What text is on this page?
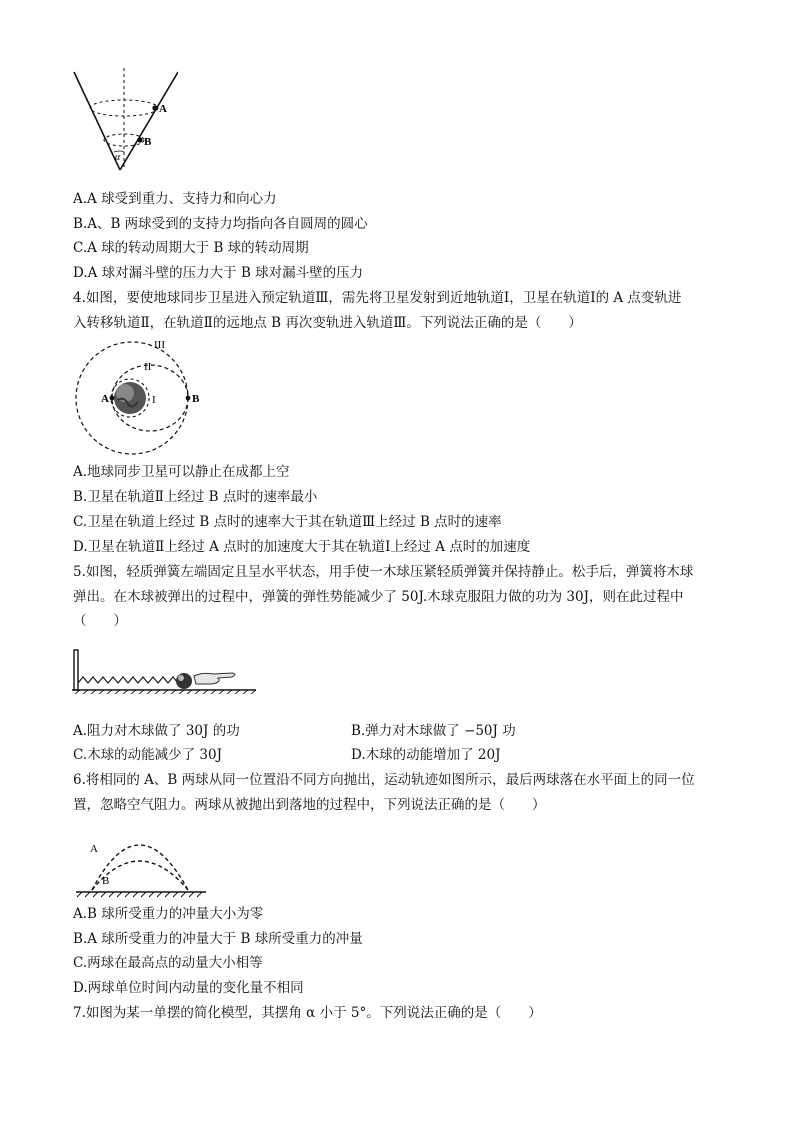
A
B
α
A.A 球受到重力、支持力和向心力
B.A、B 两球受到的支持力均指向各自圆周的圆心
C.A 球的转动周期大于 B 球的转动周期
D.A 球对漏斗壁的压力大于 B 球对漏斗壁的压力
4.如图，要使地球同步卫星进入预定轨道Ⅲ，需先将卫星发射到近地轨道Ⅰ，卫星在轨道Ⅰ的 A 点变轨进
入转移轨道Ⅱ，在轨道Ⅱ的远地点 B 再次变轨进入轨道Ⅲ。下列说法正确的是（　　）
III
II
I
A	B
A.地球同步卫星可以静止在成都上空
B.卫星在轨道Ⅱ上经过 B 点时的速率最小
C.卫星在轨道上经过 B 点时的速率大于其在轨道Ⅲ上经过 B 点时的速率
D.卫星在轨道Ⅱ上经过 A 点时的加速度大于其在轨道Ⅰ上经过 A 点时的加速度
5.如图，轻质弹簧左端固定且呈水平状态，用手使一木球压紧轻质弹簧并保持静止。松手后，弹簧将木球
弹出。在木球被弹出的过程中，弹簧的弹性势能减少了 50J.木球克服阻力做的功为 30J，则在此过程中
（　　）
A.阻力对木球做了 30J 的功	B.弹力对木球做了 −50J 功
C.木球的动能减少了 30J	D.木球的动能增加了 20J
6.将相同的 A、B 两球从同一位置沿不同方向抛出，运动轨迹如图所示，最后两球落在水平面上的同一位
置，忽略空气阻力。两球从被抛出到落地的过程中，下列说法正确的是（　　）
A
B
A.B 球所受重力的冲量大小为零
B.A 球所受重力的冲量大于 B 球所受重力的冲量
C.两球在最高点的动量大小相等
D.两球单位时间内动量的变化量不相同
7.如图为某一单摆的简化模型，其摆角 α 小于 5°。下列说法正确的是（　　）
